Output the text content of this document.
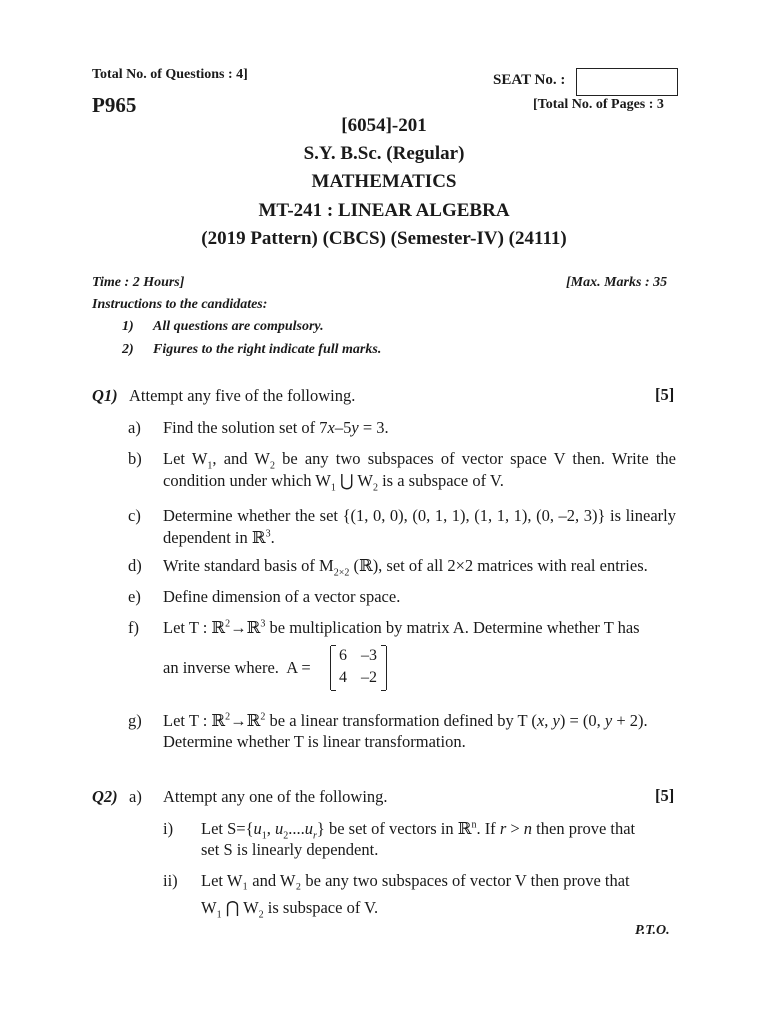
Total No. of Questions : 4]	SEAT No. :
P965	[Total No. of Pages : 3
[6054]-201
S.Y. B.Sc. (Regular)
MATHEMATICS
MT-241 : LINEAR ALGEBRA
(2019 Pattern) (CBCS) (Semester-IV) (24111)
Time : 2 Hours]	[Max. Marks : 35
Instructions to the candidates:
1) All questions are compulsory.
2) Figures to the right indicate full marks.
Q1) Attempt any five of the following.	[5]
a) Find the solution set of 7x–5y = 3.
b) Let $W_1$, and $W_2$ be any two subspaces of vector space V then. Write the condition under which $W_1$ ⋃ $W_2$ is a subspace of V.
c) Determine whether the set {(1, 0, 0), (0, 1, 1), (1, 1, 1), (0, –2, 3)} is linearly dependent in ℝ$^3$.
d) Write standard basis of $M_{2\times 2}$ (ℝ), set of all 2×2 matrices with real entries.
e) Define dimension of a vector space.
f) Let T : ℝ$^2$→ℝ$^3$ be multiplication by matrix A. Determine whether T has
an inverse where.  A =
6 –3
4 –2
g) Let T : ℝ$^2$→ℝ$^2$ be a linear transformation defined by T (x, y) = (0, y + 2).
Determine whether T is linear transformation.
Q2) a) Attempt any one of the following.	[5]
i) Let $S=\{u_1$, $u_2....u_r$} be set of vectors in ℝ$^n$. If r > n then prove that
set S is linearly dependent.
ii) Let W₁ and W₂ be any two subspaces of vector V then prove that
$W_1$ ⋂ $W_2$ is subspace of V.
P.T.O.
